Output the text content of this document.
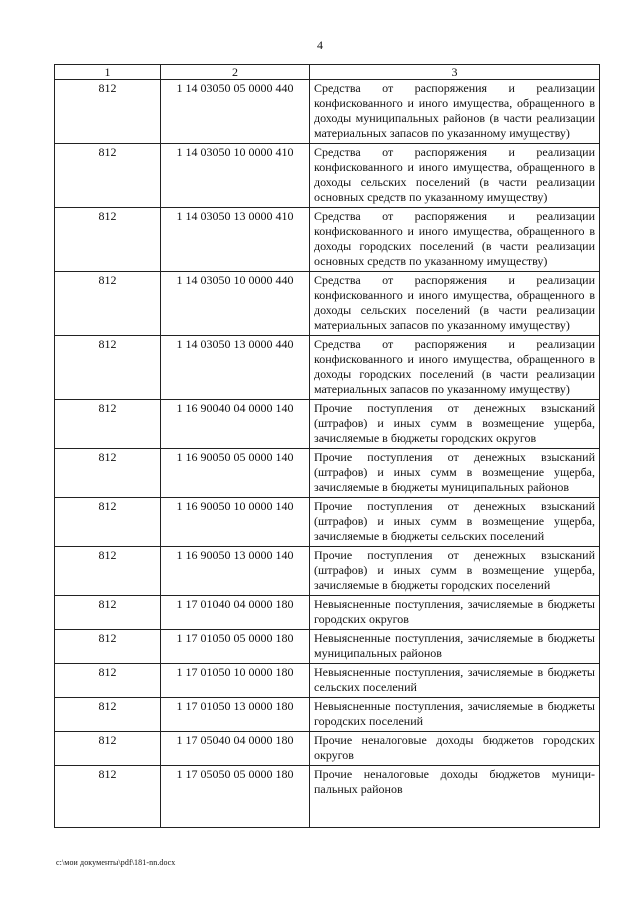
4
1	2	3
812	1 14 03050 05 0000 440	Средства от распоряжения и реализации конфискованного и иного имущества, обращенного в доходы муниципальных районов (в части реализации материальных запасов по указанному имуществу)
812	1 14 03050 10 0000 410	Средства от распоряжения и реализации конфискованного и иного имущества, обращенного в доходы сельских поселений (в части реализации основных средств по указанному имуществу)
812	1 14 03050 13 0000 410	Средства от распоряжения и реализации конфискованного и иного имущества, обращенного в доходы городских поселений (в части реализации основных средств по указанному имуществу)
812	1 14 03050 10 0000 440	Средства от распоряжения и реализации конфискованного и иного имущества, обращенного в доходы сельских поселений (в части реализации материальных запасов по указанному имуществу)
812	1 14 03050 13 0000 440	Средства от распоряжения и реализации конфискованного и иного имущества, обращенного в доходы городских поселений (в части реализации материальных запасов по указанному имуществу)
812	1 16 90040 04 0000 140	Прочие поступления от денежных взысканий (штрафов) и иных сумм в возмещение ущерба, зачисляемые в бюджеты городских округов
812	1 16 90050 05 0000 140	Прочие поступления от денежных взысканий (штрафов) и иных сумм в возмещение ущерба, зачисляемые в бюджеты муниципальных районов
812	1 16 90050 10 0000 140	Прочие поступления от денежных взысканий (штрафов) и иных сумм в возмещение ущерба, зачисляемые в бюджеты сельских поселений
812	1 16 90050 13 0000 140	Прочие поступления от денежных взысканий (штрафов) и иных сумм в возмещение ущерба, зачисляемые в бюджеты городских поселений
812	1 17 01040 04 0000 180	Невыясненные поступления, зачисляемые в бюджеты городских округов
812	1 17 01050 05 0000 180	Невыясненные поступления, зачисляемые в бюджеты муниципальных районов
812	1 17 01050 10 0000 180	Невыясненные поступления, зачисляемые в бюджеты сельских поселений
812	1 17 01050 13 0000 180	Невыясненные поступления, зачисляемые в бюджеты городских поселений
812	1 17 05040 04 0000 180	Прочие неналоговые доходы бюджетов городских округов
812	1 17 05050 05 0000 180	Прочие неналоговые доходы бюджетов муниципальных районов
c:\мои документы\pdf\181-nn.docx
